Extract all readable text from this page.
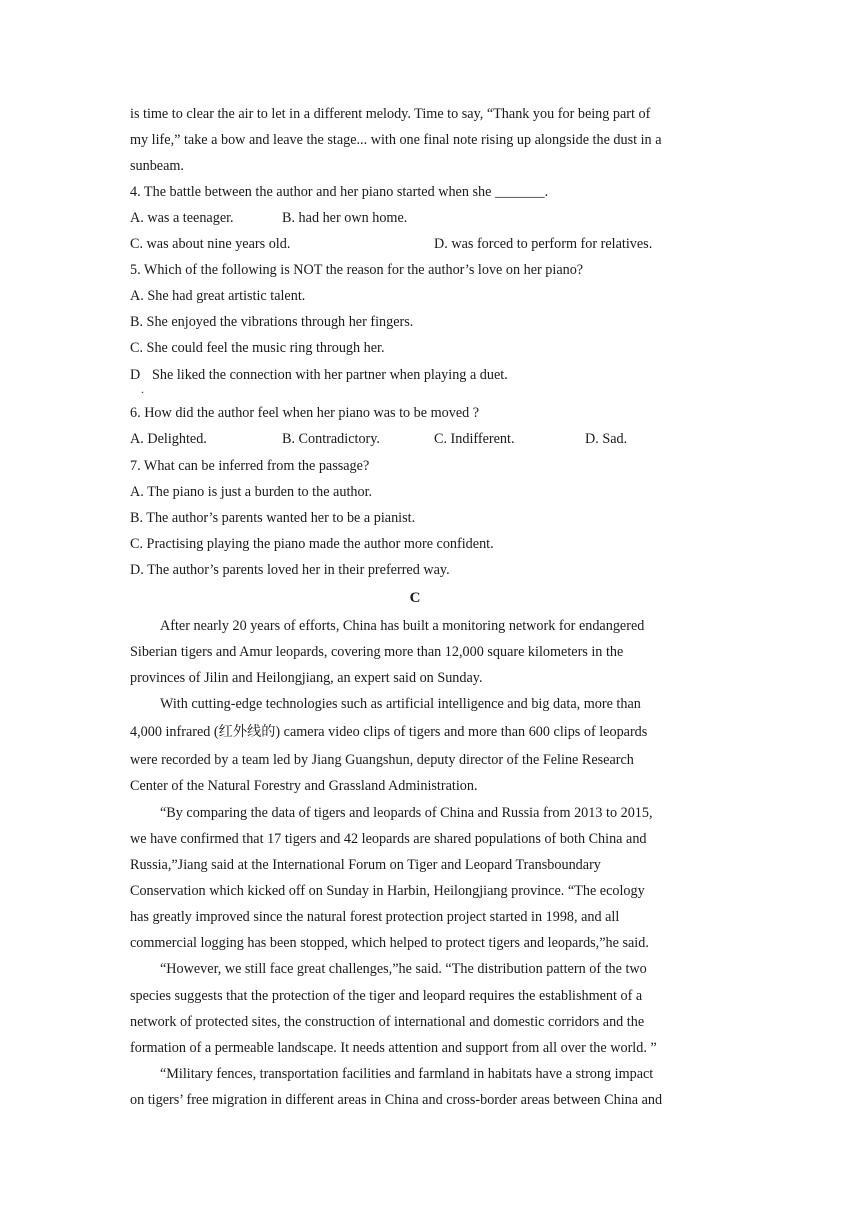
is time to clear the air to let in a different melody. Time to say, “Thank you for being part of
my life,” take a bow and leave the stage... with one final note rising up alongside the dust in a
sunbeam.
4. The battle between the author and her piano started when she _______.
A. was a teenager.	B. had her own home.
C. was about nine years old.	D. was forced to perform for relatives.
5. Which of the following is NOT the reason for the author’s love on her piano?
A. She had great artistic talent.
B. She enjoyed the vibrations through her fingers.
C. She could feel the music ring through her.
D She liked the connection with her partner when playing a duet.
.
6. How did the author feel when her piano was to be moved ?
A. Delighted.	B. Contradictory.	C. Indifferent.	D. Sad.
7. What can be inferred from the passage?
A. The piano is just a burden to the author.
B. The author’s parents wanted her to be a pianist.
C. Practising playing the piano made the author more confident.
D. The author’s parents loved her in their preferred way.
C
After nearly 20 years of efforts, China has built a monitoring network for endangered
Siberian tigers and Amur leopards, covering more than 12,000 square kilometers in the
provinces of Jilin and Heilongjiang, an expert said on Sunday.
With cutting-edge technologies such as artificial intelligence and big data, more than
4,000 infrared (红外线的) camera video clips of tigers and more than 600 clips of leopards
were recorded by a team led by Jiang Guangshun, deputy director of the Feline Research
Center of the Natural Forestry and Grassland Administration.
“By comparing the data of tigers and leopards of China and Russia from 2013 to 2015,
we have confirmed that 17 tigers and 42 leopards are shared populations of both China and
Russia,”Jiang said at the International Forum on Tiger and Leopard Transboundary
Conservation which kicked off on Sunday in Harbin, Heilongjiang province. “The ecology
has greatly improved since the natural forest protection project started in 1998, and all
commercial logging has been stopped, which helped to protect tigers and leopards,”he said.
“However, we still face great challenges,”he said. “The distribution pattern of the two
species suggests that the protection of the tiger and leopard requires the establishment of a
network of protected sites, the construction of international and domestic corridors and the
formation of a permeable landscape. It needs attention and support from all over the world. ”
“Military fences, transportation facilities and farmland in habitats have a strong impact
on tigers’ free migration in different areas in China and cross-border areas between China and
